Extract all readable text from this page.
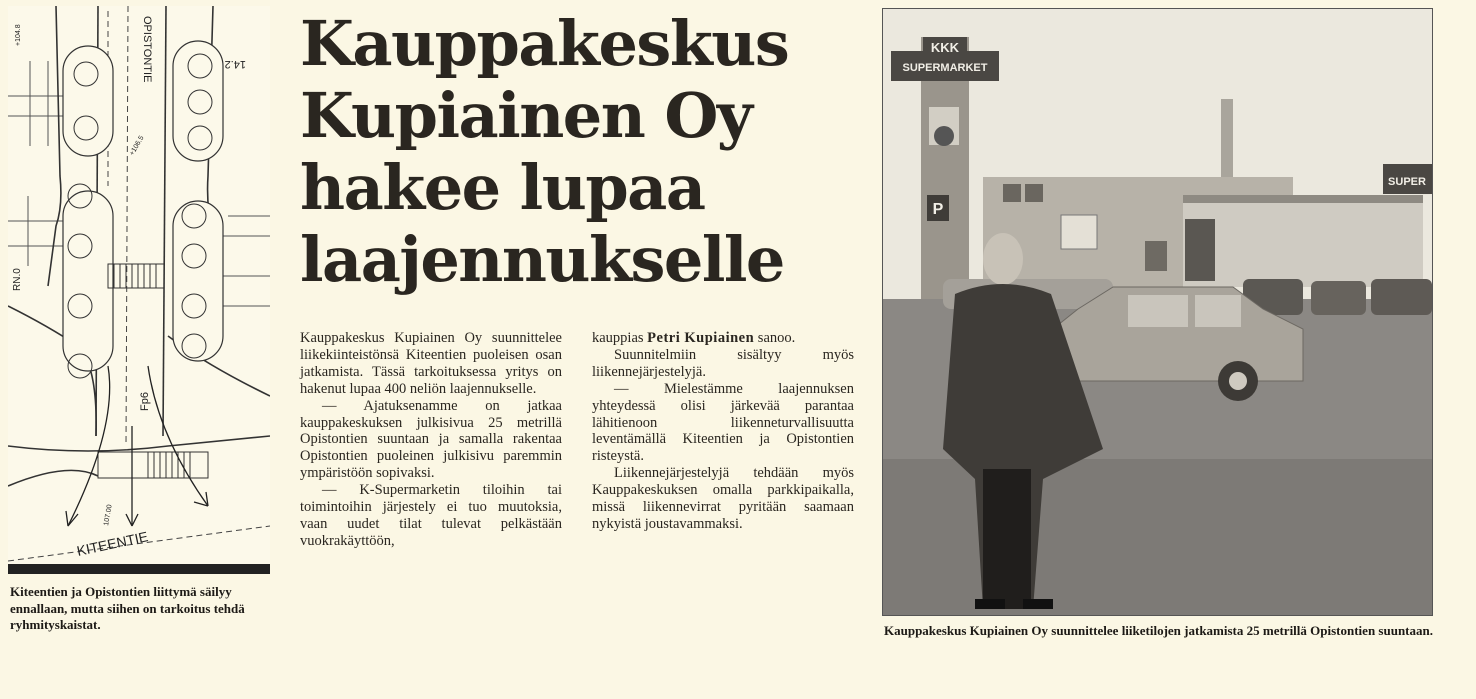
KITEENTIE
OPISTONTIE	14.2
Fp6
RN.0
+104.8
+106.5
107.00
Kiteentien ja Opistontien liittymä säilyy ennallaan, mutta siihen on tarkoitus tehdä ryhmityskaistat.
Kauppakeskus
Kupiainen Oy
hakee lupaa
laajennukselle

Kauppakeskus Kupiainen Oy suunnittelee liikekiinteistönsä Kiteentien puoleisen osan jatkamista. Tässä tarkoituksessa yritys on hakenut lupaa 400 neliön laajennukselle.

— Ajatuksenamme on jatkaa kauppakeskuksen julkisivua 25 metrillä Opistontien suuntaan ja samalla rakentaa Opistontien puoleinen julkisivu paremmin ympäristöön sopivaksi.

— K-Supermarketin tiloihin tai toimintoihin järjestely ei tuo muutoksia, vaan uudet tilat tulevat pelkästään vuokrakäyttöön,

kauppias Petri Kupiainen sanoo.

Suunnitelmiin sisältyy myös liikennejärjestelyjä.

— Mielestämme laajennuksen yhteydessä olisi järkevää parantaa lähitienoon liikenneturvallisuutta leventämällä Kiteentien ja Opistontien risteystä.

Liikennejärjestelyjä tehdään myös Kauppakeskuksen omalla parkkipaikalla, missä liikennevirrat pyritään saamaan nykyistä joustavammaksi.

KKK
SUPERMARKET
P
SUPER
Kauppakeskus Kupiainen Oy suunnittelee liiketilojen jatkamista 25 metrillä Opistontien suuntaan.
